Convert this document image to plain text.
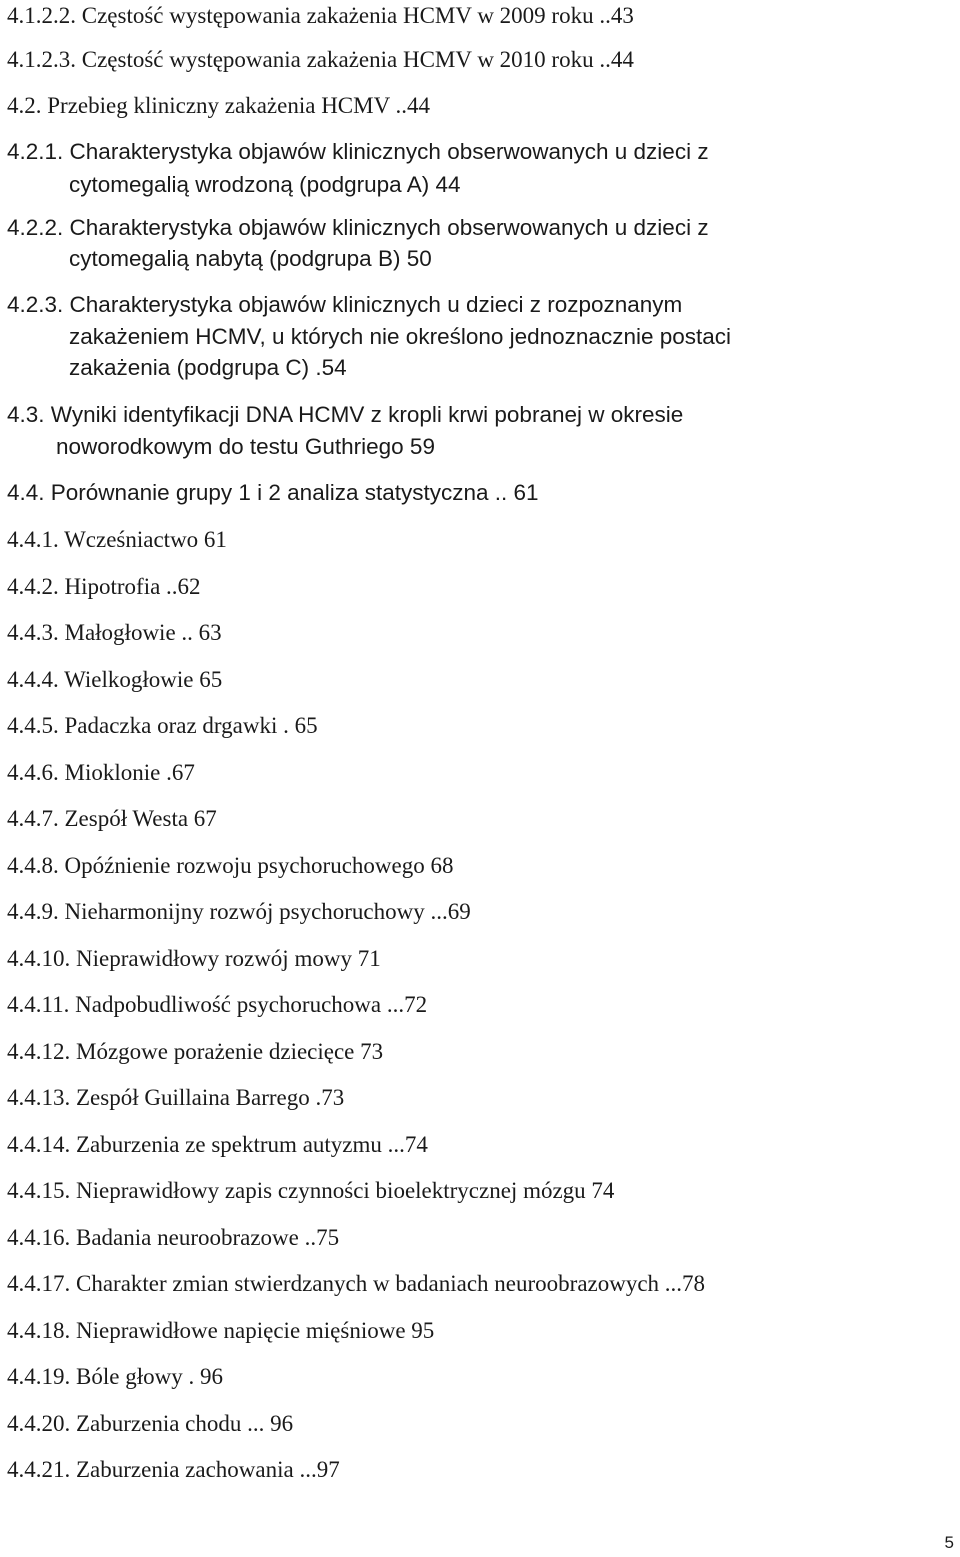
4.1.2.2. Częstość występowania zakażenia HCMV w 2009 roku ..43
4.1.2.3. Częstość występowania zakażenia HCMV w 2010 roku ..44
4.2. Przebieg kliniczny zakażenia HCMV ..44
4.2.1. Charakterystyka objawów klinicznych obserwowanych u dzieci z
cytomegalią wrodzoną (podgrupa A) 44
4.2.2. Charakterystyka objawów klinicznych obserwowanych u dzieci z
cytomegalią nabytą (podgrupa B) 50
4.2.3. Charakterystyka objawów klinicznych u dzieci z rozpoznanym
zakażeniem HCMV, u których nie określono jednoznacznie postaci
zakażenia (podgrupa C) .54
4.3. Wyniki identyfikacji DNA HCMV z kropli krwi pobranej w okresie
noworodkowym do testu Guthriego 59
4.4. Porównanie grupy 1 i 2 analiza statystyczna .. 61
4.4.1. Wcześniactwo 61
4.4.2. Hipotrofia ..62
4.4.3. Małogłowie .. 63
4.4.4. Wielkogłowie 65
4.4.5. Padaczka oraz drgawki . 65
4.4.6. Mioklonie .67
4.4.7. Zespół Westa 67
4.4.8. Opóźnienie rozwoju psychoruchowego 68
4.4.9. Nieharmonijny rozwój psychoruchowy ...69
4.4.10. Nieprawidłowy rozwój mowy 71
4.4.11. Nadpobudliwość psychoruchowa ...72
4.4.12. Mózgowe porażenie dziecięce 73
4.4.13. Zespół Guillaina Barrego .73
4.4.14. Zaburzenia ze spektrum autyzmu ...74
4.4.15. Nieprawidłowy zapis czynności bioelektrycznej mózgu 74
4.4.16. Badania neuroobrazowe ..75
4.4.17. Charakter zmian stwierdzanych w badaniach neuroobrazowych ...78
4.4.18. Nieprawidłowe napięcie mięśniowe 95
4.4.19. Bóle głowy . 96
4.4.20. Zaburzenia chodu ... 96
4.4.21. Zaburzenia zachowania ...97
5
